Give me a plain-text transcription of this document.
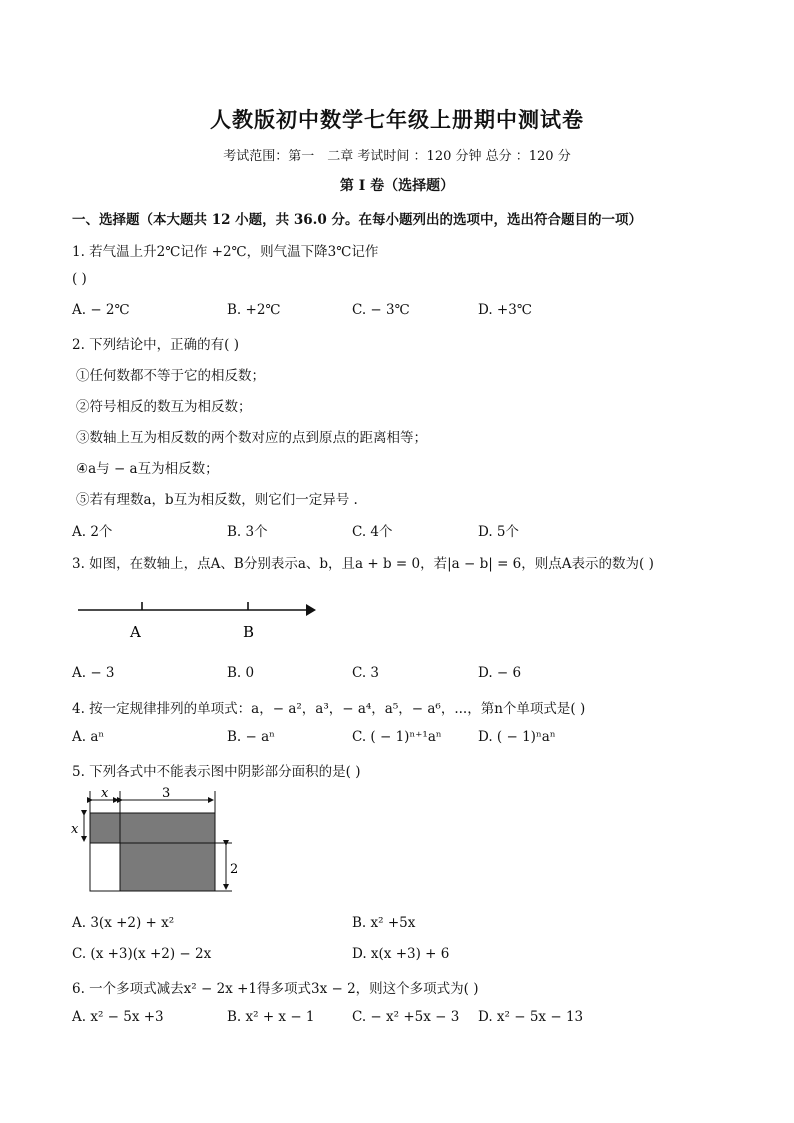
人教版初中数学七年级上册期中测试卷
考试范围：第一　二章 考试时间 ：120 分钟 总分 ：120 分
第 I 卷（选择题）
一、选择题（本大题共 12 小题，共 36.0 分。在每小题列出的选项中，选出符合题目的一项）
1. 若气温上升2℃记作 +2℃，则气温下降3℃记作
( )
A. − 2℃	B. +2℃	C. − 3℃	D. +3℃
2. 下列结论中，正确的有( )
①任何数都不等于它的相反数；
②符号相反的数互为相反数；
③数轴上互为相反数的两个数对应的点到原点的距离相等；
④a与 − a互为相反数；
⑤若有理数a，b互为相反数，则它们一定异号 .
A. 2个	B. 3个	C. 4个	D. 5个
3. 如图，在数轴上，点A、B分别表示a、b，且a + b = 0，若|a − b| = 6，则点A表示的数为( )
A	B
A. − 3	B. 0	C. 3	D. − 6
4. 按一定规律排列的单项式：a，− a²，a³，− a⁴，a⁵，− a⁶，...，第n个单项式是( )
A. aⁿ	B. − aⁿ	C. ( − 1)ⁿ⁺¹aⁿ	D. ( − 1)ⁿaⁿ
5. 下列各式中不能表示图中阴影部分面积的是( )
x	3
x
2
A. 3(x +2) + x²	B. x² +5x
C. (x +3)(x +2) − 2x	D. x(x +3) + 6
6. 一个多项式减去x² − 2x +1得多项式3x − 2，则这个多项式为( )
A. x² − 5x +3	B. x² + x − 1	C. − x² +5x − 3 D. x² − 5x − 13
